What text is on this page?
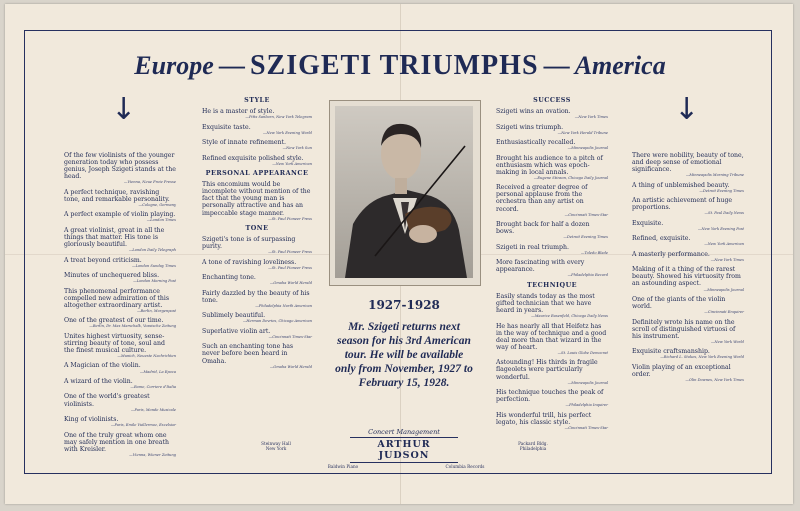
Europe — SZIGETI TRIUMPHS — America
↓	↓
Of the few violinists of the younger generation today who possess genius, Joseph Szigeti stands at the head.
—Vienna, Neue Freie Presse
A perfect technique, ravishing tone, and remarkable personality.
—Cologne, Germany
A perfect example of violin playing.
—London Times
A great violinist, great in all the things that matter. His tone is gloriously beautiful.
—London Daily Telegraph
A treat beyond criticism.
—London Sunday Times
Minutes of unchequered bliss.
—London Morning Post
This phenomenal performance compelled new admiration of this altogether extraordinary artist.
—Berlin, Morgenpost
One of the greatest of our time.
—Berlin, Dr. Max Marschalk, Vossische Zeitung
Unites highest virtuosity, sense-stirring beauty of tone, soul and the finest musical culture.
—Munich, Neueste Nachrichten
A Magician of the violin.
—Madrid, La Epoca
A wizard of the violin.
—Rome, Corriere d'Italia
One of the world's greatest violinists.
—Paris, Monde Musicale
King of violinists.
—Paris, Emile Vuillermoz, Excelsior
One of the truly great whom one may safely mention in one breath with Kreisler.
—Vienna, Wiener Zeitung
STYLE
He is a master of style.
—Pitts Sanborn, New York Telegram
Exquisite taste.
—New York Evening World
Style of innate refinement.
—New York Sun
Refined exquisite polished style.
—New York American
PERSONAL APPEARANCE
This encomium would be incomplete without mention of the fact that the young man is personally attractive and has an impeccable stage manner.
—St. Paul Pioneer Press
TONE
Szigeti's tone is of surpassing purity.
—St. Paul Pioneer Press
A tone of ravishing loveliness.
—St. Paul Pioneer Press
Enchanting tone.
—Omaha World Herald
Fairly dazzled by the beauty of his tone.
—Philadelphia North American
Sublimely beautiful.
—Herman Devries, Chicago American
Superlative violin art.
—Cincinnati Times-Star
Such an enchanting tone has never before been heard in Omaha.
—Omaha World Herald
1927-1928
Mr. Szigeti returns next season for his 3rd American tour. He will be available only from November, 1927 to February 15, 1928.
Steinway Hall
New York
Packard Bldg.
Philadelphia
Concert Management
ARTHUR JUDSON
Baldwin Piano	Columbia Records
SUCCESS
Szigeti wins an ovation.
—New York Times
Szigeti wins triumph.
—New York Herald Tribune
Enthusiastically recalled.
—Minneapolis Journal
Brought his audience to a pitch of enthusiasm which was epoch-making in local annals.
—Eugene Stinson, Chicago Daily Journal
Received a greater degree of personal applause from the orchestra than any artist on record.
—Cincinnati Times-Star
Brought back for half a dozen bows.
—Detroit Evening Times
Szigeti in real triumph.
—Toledo Blade
More fascinating with every appearance.
—Philadelphia Record
TECHNIQUE
Easily stands today as the most gifted technician that we have heard in years.
—Maurice Rosenfeld, Chicago Daily News
He has nearly all that Heifetz has in the way of technique and a good deal more than that wizard in the way of heart.
—St. Louis Globe Democrat
Astounding! His thirds in fragile flageolets were particularly wonderful.
—Minneapolis Journal
His technique touches the peak of perfection.
—Philadelphia Inquirer
His wonderful trill, his perfect legato, his classic style.
—Cincinnati Times-Star
There were nobility, beauty of tone, and deep sense of emotional significance.
—Minneapolis Morning Tribune
A thing of unblemished beauty.
—Detroit Evening Times
An artistic achievement of huge proportions.
—St. Paul Daily News
Exquisite.
—New York Evening Post
Refined, exquisite.
—New York American
A masterly performance.
—New York Times
Making of it a thing of the rarest beauty. Showed his virtuosity from an astounding aspect.
—Minneapolis Journal
One of the giants of the violin world.
—Cincinnati Enquirer
Definitely wrote his name on the scroll of distinguished virtuosi of his instrument.
—New York World
Exquisite craftsmanship.
—Richard L. Stokes, New York Evening World
Violin playing of an exceptional order.
—Olin Downes, New York Times
